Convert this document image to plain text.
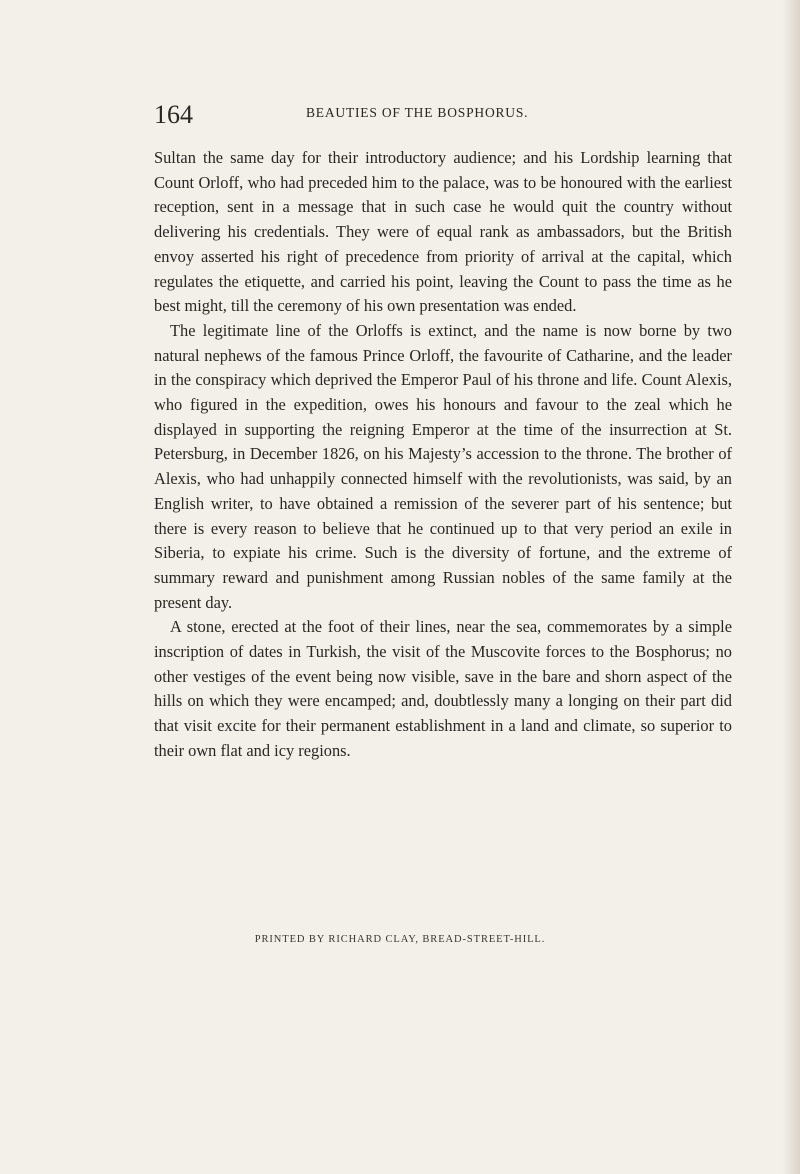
164	BEAUTIES OF THE BOSPHORUS.

Sultan the same day for their introductory audience; and his Lordship learning that Count Orloff, who had preceded him to the palace, was to be honoured with the earliest reception, sent in a message that in such case he would quit the country without delivering his credentials. They were of equal rank as ambassadors, but the British envoy asserted his right of precedence from priority of arrival at the capital, which regulates the etiquette, and carried his point, leaving the Count to pass the time as he best might, till the ceremony of his own presentation was ended.

The legitimate line of the Orloffs is extinct, and the name is now borne by two natural nephews of the famous Prince Orloff, the favourite of Catharine, and the leader in the conspiracy which deprived the Emperor Paul of his throne and life. Count Alexis, who figured in the expedition, owes his honours and favour to the zeal which he displayed in supporting the reigning Emperor at the time of the insurrection at St. Petersburg, in December 1826, on his Majesty’s accession to the throne. The brother of Alexis, who had unhappily connected himself with the revolutionists, was said, by an English writer, to have obtained a remission of the severer part of his sentence; but there is every reason to believe that he continued up to that very period an exile in Siberia, to expiate his crime. Such is the diversity of fortune, and the extreme of summary reward and punishment among Russian nobles of the same family at the present day.

A stone, erected at the foot of their lines, near the sea, commemorates by a simple inscription of dates in Turkish, the visit of the Muscovite forces to the Bosphorus; no other vestiges of the event being now visible, save in the bare and shorn aspect of the hills on which they were encamped; and, doubtlessly many a longing on their part did that visit excite for their permanent establishment in a land and climate, so superior to their own flat and icy regions.

PRINTED BY RICHARD CLAY, BREAD-STREET-HILL.
